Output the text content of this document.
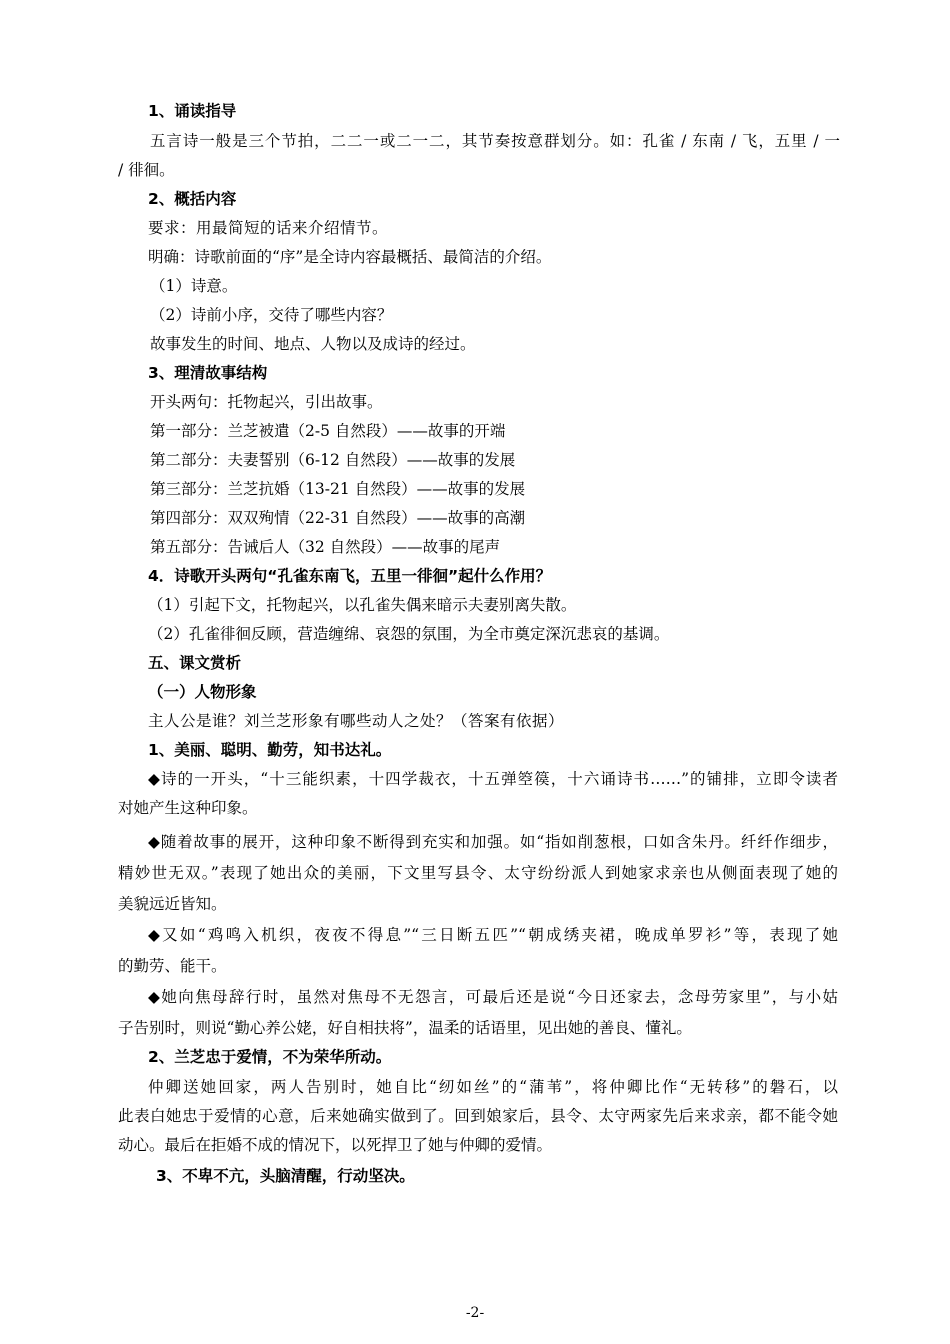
1、诵读指导
五言诗一般是三个节拍，二二一或二一二，其节奏按意群划分。如：孔雀 / 东南 / 飞，五里 / 一
/ 徘徊。
2、概括内容
要求：用最简短的话来介绍情节。
明确：诗歌前面的“序”是全诗内容最概括、最简洁的介绍。
（1）诗意。
（2）诗前小序，交待了哪些内容？
故事发生的时间、地点、人物以及成诗的经过。
3、理清故事结构
开头两句：托物起兴，引出故事。
第一部分：兰芝被遣（2-5 自然段）——故事的开端
第二部分：夫妻誓别（6-12 自然段）——故事的发展
第三部分：兰芝抗婚（13-21 自然段）——故事的发展
第四部分：双双殉情（22-31 自然段）——故事的高潮
第五部分：告诫后人（32 自然段）——故事的尾声
4．诗歌开头两句“孔雀东南飞，五里一徘徊”起什么作用？
（1）引起下文，托物起兴，以孔雀失偶来暗示夫妻别离失散。
（2）孔雀徘徊反顾，营造缠绵、哀怨的氛围，为全市奠定深沉悲哀的基调。
五、课文赏析
（一）人物形象
主人公是谁？刘兰芝形象有哪些动人之处？（答案有依据）
1、美丽、聪明、勤劳，知书达礼。
◆诗的一开头，“十三能织素，十四学裁衣，十五弹箜篌，十六诵诗书……”的铺排，立即令读者
对她产生这种印象。
◆随着故事的展开，这种印象不断得到充实和加强。如“指如削葱根，口如含朱丹。纤纤作细步，
精妙世无双。”表现了她出众的美丽，下文里写县令、太守纷纷派人到她家求亲也从侧面表现了她的
美貌远近皆知。
◆又如“鸡鸣入机织，夜夜不得息”“三日断五匹”“朝成绣夹裙，晚成单罗衫”等，表现了她
的勤劳、能干。
◆她向焦母辞行时，虽然对焦母不无怨言，可最后还是说“今日还家去，念母劳家里”，与小姑
子告别时，则说“勤心养公姥，好自相扶将”，温柔的话语里，见出她的善良、懂礼。
2、兰芝忠于爱情，不为荣华所动。
仲卿送她回家，两人告别时，她自比“纫如丝”的“蒲苇”，将仲卿比作“无转移”的磐石，以
此表白她忠于爱情的心意，后来她确实做到了。回到娘家后，县令、太守两家先后来求亲，都不能令她
动心。最后在拒婚不成的情况下，以死捍卫了她与仲卿的爱情。
3、不卑不亢，头脑清醒，行动坚决。
-2-
